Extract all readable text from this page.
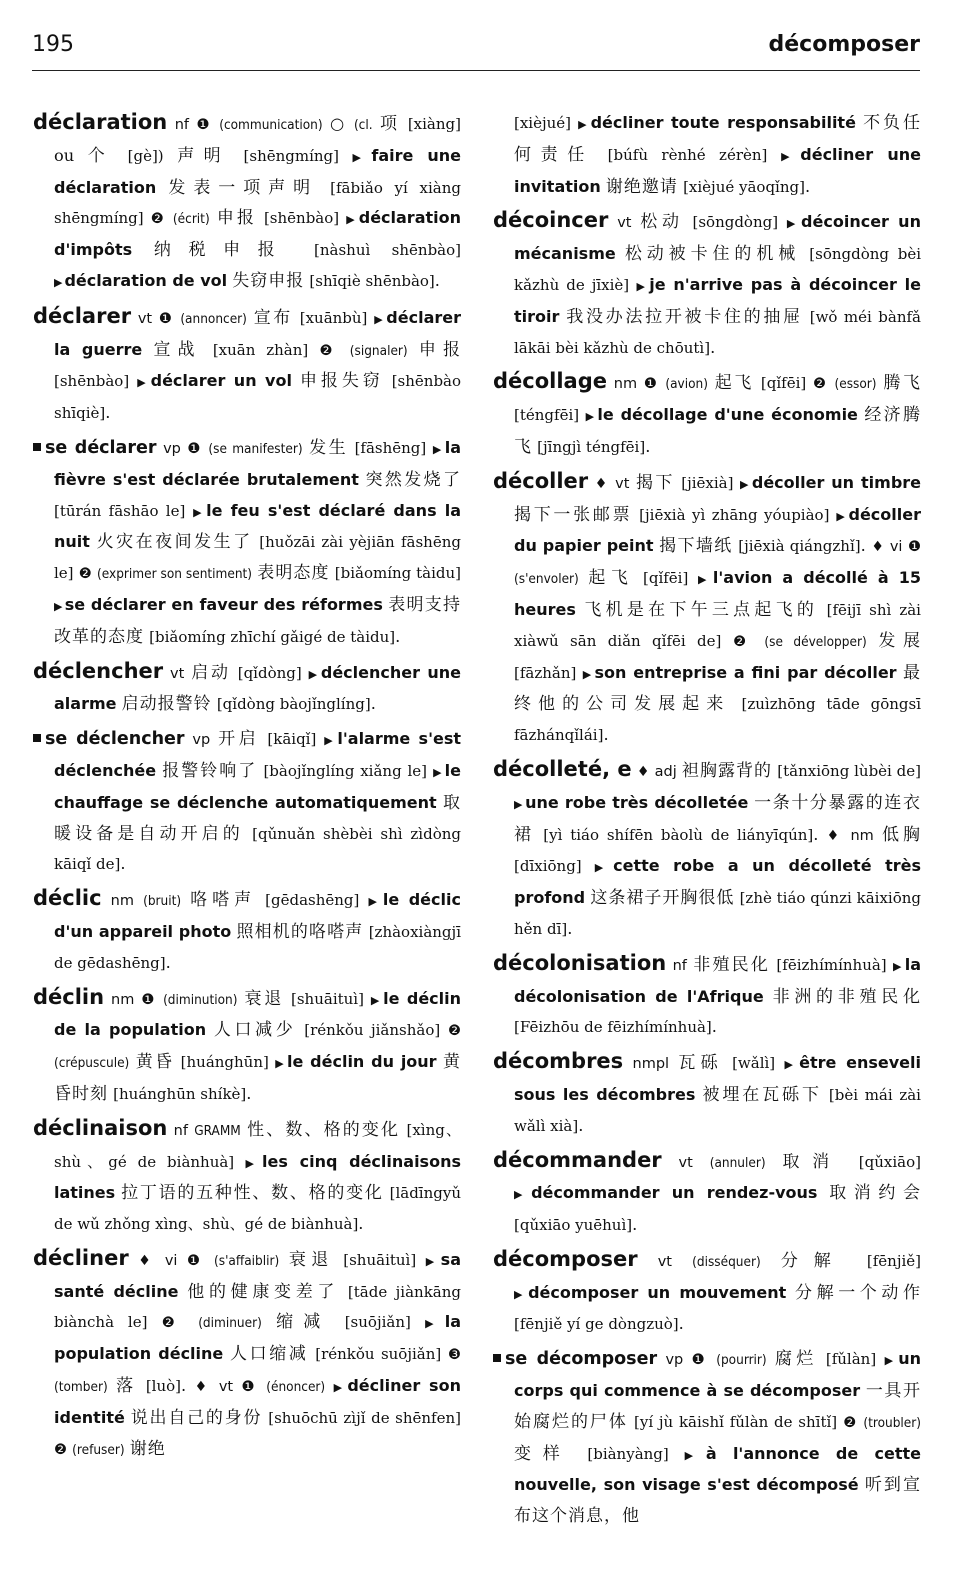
195	décomposer

déclaration nf ❶ (communication) ○ (cl. 项 [xiàng] ou 个 [gè]) 声明 [shēngmíng] ▶ faire une déclaration 发表一项声明 [fābiǎo yí xiàng shēngmíng] ❷ (écrit) 申报 [shēnbào] ▶ déclaration d'impôts 纳税申报 [nàshuì shēnbào] ▶ déclaration de vol 失窃申报 [shīqiè shēnbào].

déclarer vt ❶ (annoncer) 宣布 [xuānbù] ▶ déclarer la guerre 宣战 [xuān zhàn] ❷ (signaler) 申报 [shēnbào] ▶ déclarer un vol 申报失窃 [shēnbào shīqiè].

se déclarer vp ❶ (se manifester) 发生 [fāshēng] ▶ la fièvre s'est déclarée brutalement 突然发烧了 [tūrán fāshāo le] ▶ le feu s'est déclaré dans la nuit 火灾在夜间发生了 [huǒzāi zài yèjiān fāshēng le] ❷ (exprimer son sentiment) 表明态度 [biǎomíng tàidu] ▶ se déclarer en faveur des réformes 表明支持改革的态度 [biǎomíng zhīchí gǎigé de tàidu].

déclencher vt 启动 [qǐdòng] ▶ déclencher une alarme 启动报警铃 [qǐdòng bàojǐnglíng].

se déclencher vp 开启 [kāiqǐ] ▶ l'alarme s'est déclenchée 报警铃响了 [bàojǐnglíng xiǎng le] ▶ le chauffage se déclenche automatiquement 取暖设备是自动开启的 [qǔnuǎn shèbèi shì zìdòng kāiqǐ de].

déclic nm (bruit) 咯嗒声 [gēdashēng] ▶ le déclic d'un appareil photo 照相机的咯嗒声 [zhàoxiàngjī de gēdashēng].

déclin nm ❶ (diminution) 衰退 [shuāituì] ▶ le déclin de la population 人口减少 [rénkǒu jiǎnshǎo] ❷ (crépuscule) 黄昏 [huánghūn] ▶ le déclin du jour 黄昏时刻 [huánghūn shíkè].

déclinaison nf GRAMM 性、数、格的变化 [xìng、shù、gé de biànhuà] ▶ les cinq déclinaisons latines 拉丁语的五种性、数、格的变化 [lādīngyǔ de wǔ zhǒng xìng、shù、gé de biànhuà].

décliner ♦ vi ❶ (s'affaiblir) 衰退 [shuāituì] ▶ sa santé décline 他的健康变差了 [tāde jiànkāng biànchà le] ❷ (diminuer) 缩减 [suōjiǎn] ▶ la population décline 人口缩减 [rénkǒu suōjiǎn] ❸ (tomber) 落 [luò]. ♦ vt ❶ (énoncer) ▶ décliner son identité 说出自己的身份 [shuōchū zìjǐ de shēnfen] ❷ (refuser) 谢绝

[xièjué] ▶ décliner toute responsabilité 不负任何责任 [búfù rènhé zérèn] ▶ décliner une invitation 谢绝邀请 [xièjué yāoqǐng].

décoincer vt 松动 [sōngdòng] ▶ décoincer un mécanisme 松动被卡住的机械 [sōngdòng bèi kǎzhù de jīxiè] ▶ je n'arrive pas à décoincer le tiroir 我没办法拉开被卡住的抽屉 [wǒ méi bànfǎ lākāi bèi kǎzhù de chōutì].

décollage nm ❶ (avion) 起飞 [qǐfēi] ❷ (essor) 腾飞 [téngfēi] ▶ le décollage d'une économie 经济腾飞 [jīngjì téngfēi].

décoller ♦ vt 揭下 [jiēxià] ▶ décoller un timbre 揭下一张邮票 [jiēxià yì zhāng yóupiào] ▶ décoller du papier peint 揭下墙纸 [jiēxià qiángzhǐ]. ♦ vi ❶ (s'envoler) 起飞 [qǐfēi] ▶ l'avion a décollé à 15 heures 飞机是在下午三点起飞的 [fēijī shì zài xiàwǔ sān diǎn qǐfēi de] ❷ (se développer) 发展 [fāzhǎn] ▶ son entreprise a fini par décoller 最终他的公司发展起来 [zuìzhōng tāde gōngsī fāzhánqǐlái].

décolleté, e ♦ adj 袒胸露背的 [tǎnxiōng lùbèi de] ▶ une robe très décolletée 一条十分暴露的连衣裙 [yì tiáo shífēn bàolù de liányīqún]. ♦ nm 低胸 [dīxiōng] ▶ cette robe a un décolleté très profond 这条裙子开胸很低 [zhè tiáo qúnzi kāixiōng hěn dī].

décolonisation nf 非殖民化 [fēizhímínhuà] ▶ la décolonisation de l'Afrique 非洲的非殖民化 [Fēizhōu de fēizhímínhuà].

décombres nmpl 瓦砾 [wǎlì] ▶ être enseveli sous les décombres 被埋在瓦砾下 [bèi mái zài wǎlì xià].

décommander vt (annuler) 取消 [qǔxiāo] ▶ décommander un rendez-vous 取消约会 [qǔxiāo yuēhuì].

décomposer vt (disséquer) 分解 [fēnjiě] ▶ décomposer un mouvement 分解一个动作 [fēnjiě yí ge dòngzuò].

se décomposer vp ❶ (pourrir) 腐烂 [fǔlàn] ▶ un corps qui commence à se décomposer 一具开始腐烂的尸体 [yí jù kāishǐ fǔlàn de shītǐ] ❷ (troubler) 变样 [biànyàng] ▶ à l'annonce de cette nouvelle, son visage s'est décomposé 听到宣布这个消息，他
